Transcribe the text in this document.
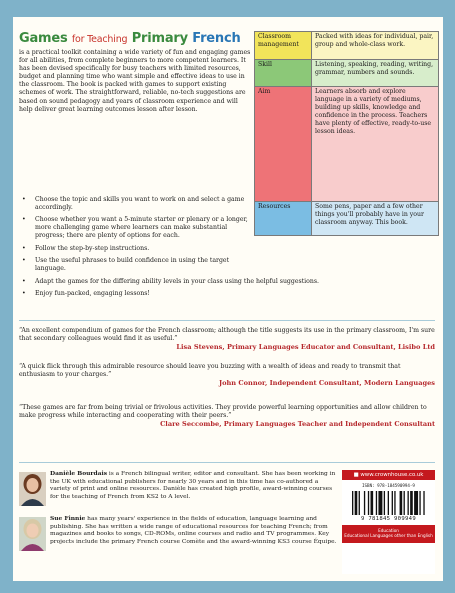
Games for Teaching Primary French
is a practical toolkit containing a wide variety of fun and engaging games for all abilities, from complete beginners to more competent learners. It has been devised specifically for busy teachers with limited resources, budget and planning time who want simple and effective ideas to use in the classroom. The book is packed with games to support existing schemes of work. The straightforward, reliable, no-tech suggestions are based on sound pedagogy and years of classroom experience and will help deliver great learning outcomes lesson after lesson.
• Choose the topic and skills you want to work on and select a game accordingly.
• Choose whether you want a 5-minute starter or plenary or a longer, more challenging game where learners can make substantial progress; there are plenty of options for each.
• Follow the step-by-step instructions.
• Use the useful phrases to build confidence in using the target language.
• Adapt the games for the differing ability levels in your class using the helpful suggestions.
• Enjoy fun-packed, engaging lessons!
Classroom management	Packed with ideas for individual, pair, group and whole-class work.
Skill	Listening, speaking, reading, writing, grammar, numbers and sounds.
Aim	Learners absorb and explore language in a variety of mediums, building up skills, knowledge and confidence in the process. Teachers have plenty of effective, ready-to-use lesson ideas.
Resources	Some pens, paper and a few other things you'll probably have in your classroom anyway. This book.
“An excellent compendium of games for the French classroom; although the title suggests its use in the primary classroom, I'm sure that secondary colleagues would find it as useful.”
Lisa Stevens, Primary Languages Educator and Consultant, Lisibo Ltd
“A quick flick through this admirable resource should leave you buzzing with a wealth of ideas and ready to transmit that enthusiasm to your charges.”
John Connor, Independent Consultant, Modern Languages
“These games are far from being trivial or frivolous activities. They provide powerful learning opportunities and allow children to make progress while interacting and cooperating with their peers.”
Clare Seccombe, Primary Languages Teacher and Independent Consultant
Danièle Bourdais is a French bilingual writer, editor and consultant. She has been working in the UK with educational publishers for nearly 30 years and in this time has co-authored a variety of print and online resources. Danièle has created high profile, award-winning courses for the teaching of French from KS2 to A level.
Sue Finnie has many years' experience in the fields of education, language learning and publishing. She has written a wide range of educational resources for teaching French; from magazines and books to songs, CD-ROMs, online courses and radio and TV programmes. Key projects include the primary French course Comète and the award-winning KS3 course Équipe.
■ www.crownhouse.co.uk
ISBN: 978-184590994-9
9 781845 909949
Education
Educational Languages other than English
